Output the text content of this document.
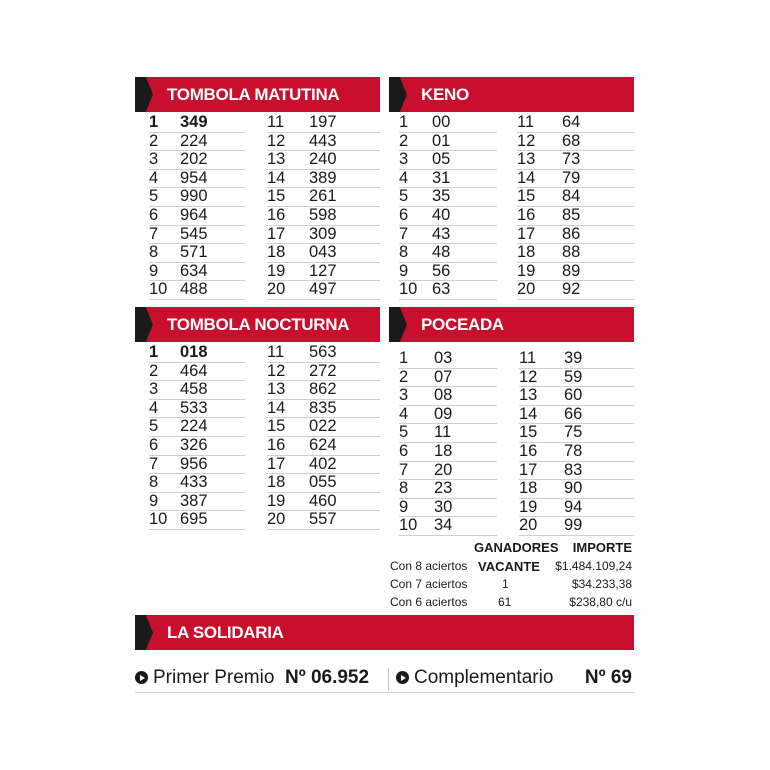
TOMBOLA MATUTINA
1	349
2	224
3	202
4	954
5	990
6	964
7	545
8	571
9	634
10 488
11	197
12	443
13	240
14	389
15	261
16	598
17	309
18	043
19	127
20	497
KENO
1	00
2	01
3	05
4	31
5	35
6	40
7	43
8	48
9	56
10 63
11	64
12	68
13	73
14	79
15	84
16	85
17	86
18	88
19	89
20	92
TOMBOLA NOCTURNA
1	018
2	464
3	458
4	533
5	224
6	326
7	956
8	433
9	387
10 695
11	563
12	272
13	862
14	835
15	022
16	624
17	402
18	055
19	460
20	557
POCEADA
1	03
2	07
3	08
4	09
5	11
6	18
7	20
8	23
9	30
10	34
11	39
12	59
13	60
14	66
15	75
16	78
17	83
18	90
19	94
20	99
GANADORES IMPORTE
Con 8 aciertos VACANTE $1.484.109,24
Con 7 aciertos	1	$34.233,38
Con 6 aciertos	61	$238,80 c/u
LA SOLIDARIA
Primer Premio Nº 06.952 Complementario Nº 69
